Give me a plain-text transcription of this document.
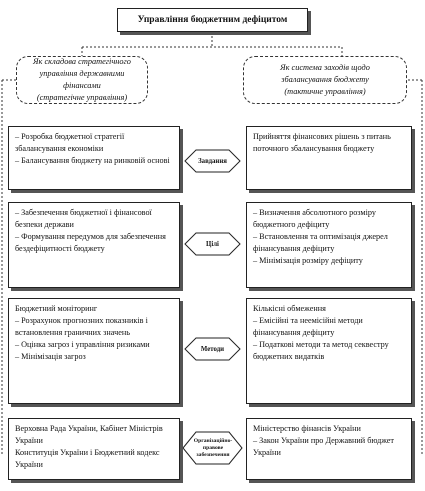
Управління бюджетним дефіцитом
Як складова стратегічного
управління державними фінансами
(стратегічне управління)
Як система заходів щодо
збалансування бюджету
(тактичне управління)
– Розробка бюджетної стратегії збалансування економіки
– Балансування бюджету на ринковій основі	Завдання
Прийняття фінансових рішень з питань поточного збалансування бюджету
– Забезпечення бюджетної і фінансової безпеки держави
– Формування передумов для забезпечення бездефіцитності бюджету	Цілі
– Визначення абсолютного розміру бюджетного дефіциту
– Встановлення та оптимізація джерел фінансування дефіциту
– Мінімізація розміру дефіциту
Бюджетний моніторинг
– Розрахунок прогнозних показників і встановлення граничних значень
– Оцінка загроз і управління ризиками
– Мінімізація загроз
Методи
Кількісні обмеження
– Емісійні та неемісійні методи фінансування дефіциту
– Податкові методи та метод секвестру бюджетних видатків
Верховна Рада України, Кабінет Міністрів України
Конституція України і Бюджетний кодекс України
Організаційно-правове забезпечення
Міністерство фінансів України
– Закон України про Державний бюджет України
